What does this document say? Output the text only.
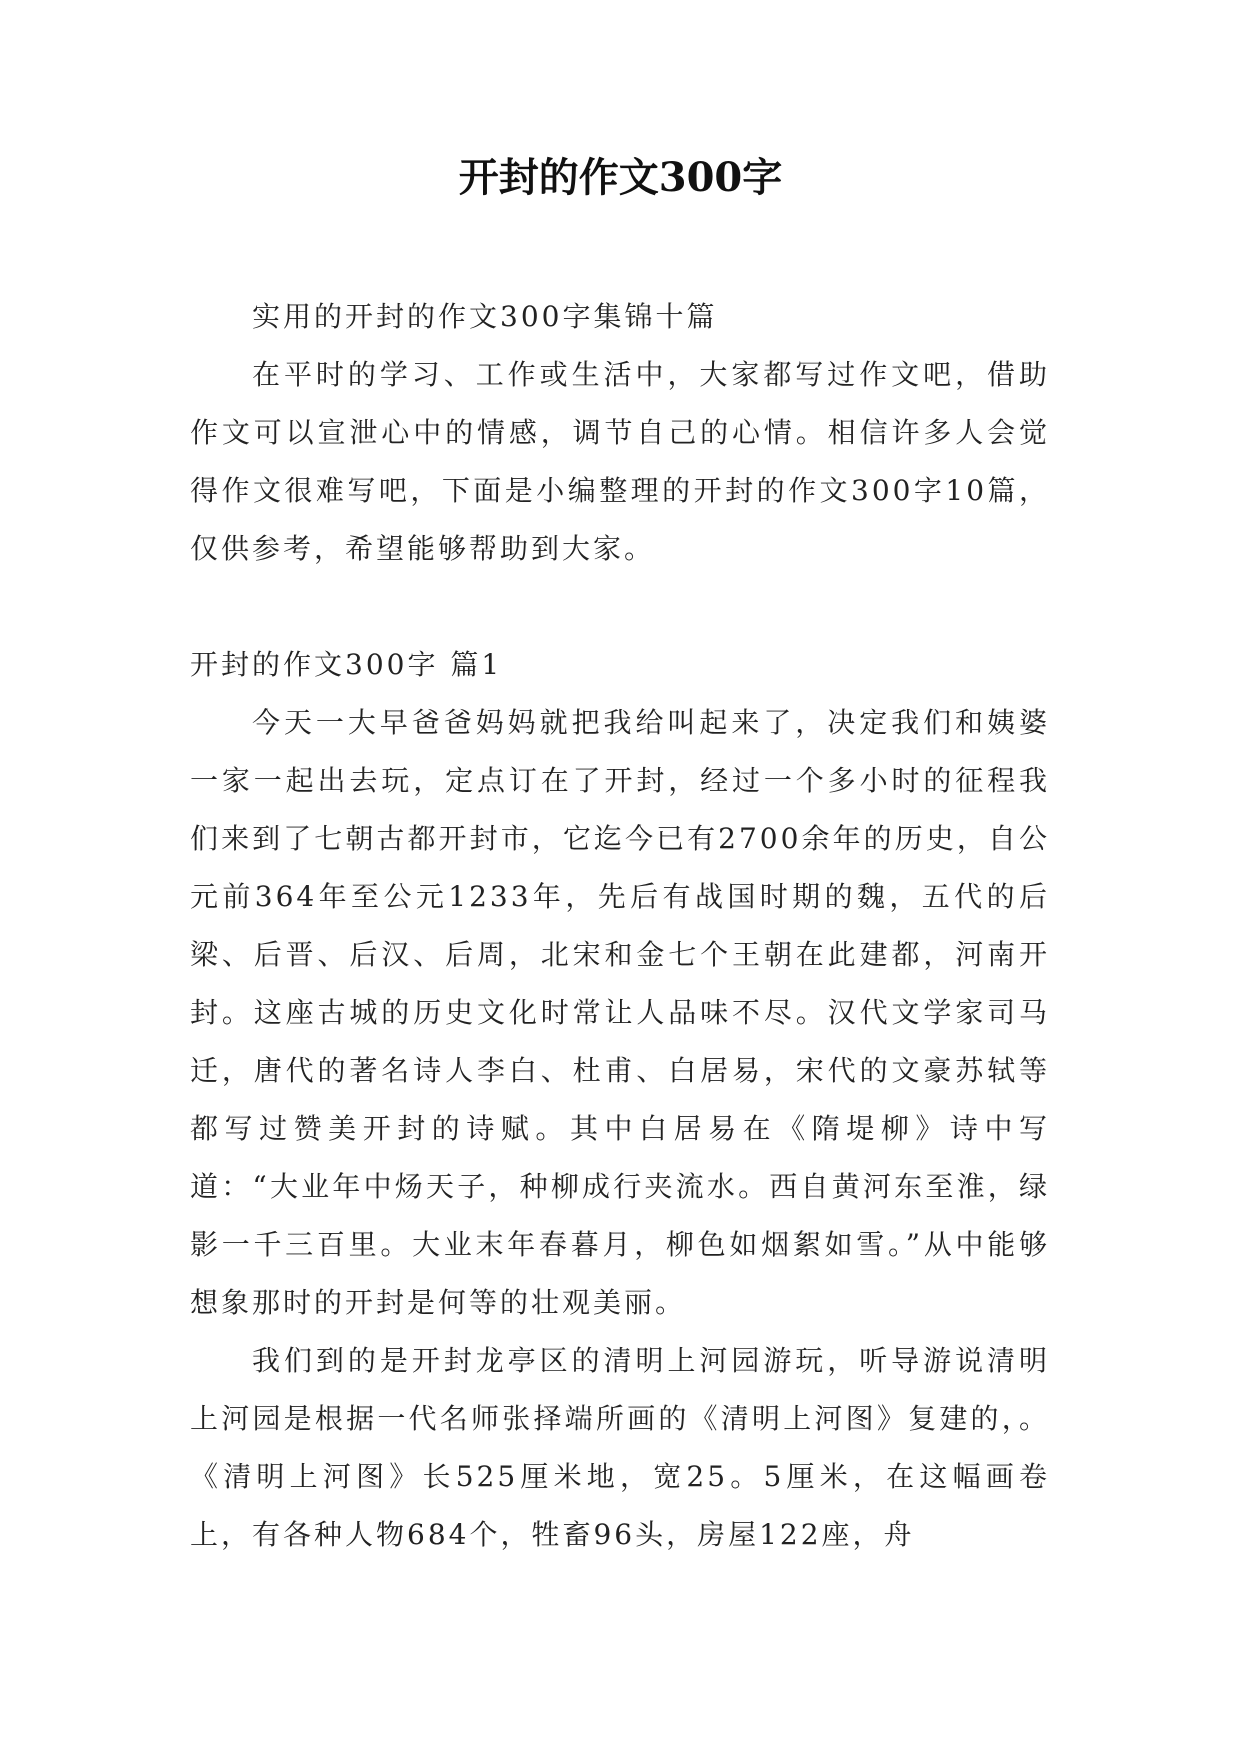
开封的作文300字

实用的开封的作文300字集锦十篇

在平时的学习、工作或生活中，大家都写过作文吧，借助作文可以宣泄心中的情感，调节自己的心情。相信许多人会觉得作文很难写吧，下面是小编整理的开封的作文300字10篇，仅供参考，希望能够帮助到大家。

开封的作文300字 篇1

今天一大早爸爸妈妈就把我给叫起来了，决定我们和姨婆一家一起出去玩，定点订在了开封，经过一个多小时的征程我们来到了七朝古都开封市，它迄今已有2700余年的历史，自公元前364年至公元1233年，先后有战国时期的魏，五代的后梁、后晋、后汉、后周，北宋和金七个王朝在此建都，河南开封。这座古城的历史文化时常让人品味不尽。汉代文学家司马迁，唐代的著名诗人李白、杜甫、白居易，宋代的文豪苏轼等都写过赞美开封的诗赋。其中白居易在《隋堤柳》诗中写道：“大业年中炀天子，种柳成行夹流水。西自黄河东至淮，绿影一千三百里。大业末年春暮月，柳色如烟絮如雪。”从中能够想象那时的开封是何等的壮观美丽。

我们到的是开封龙亭区的清明上河园游玩，听导游说清明上河园是根据一代名师张择端所画的《清明上河图》复建的，。《清明上河图》长525厘米地，宽25。5厘米，在这幅画卷上，有各种人物684个，牲畜96头，房屋122座，舟
